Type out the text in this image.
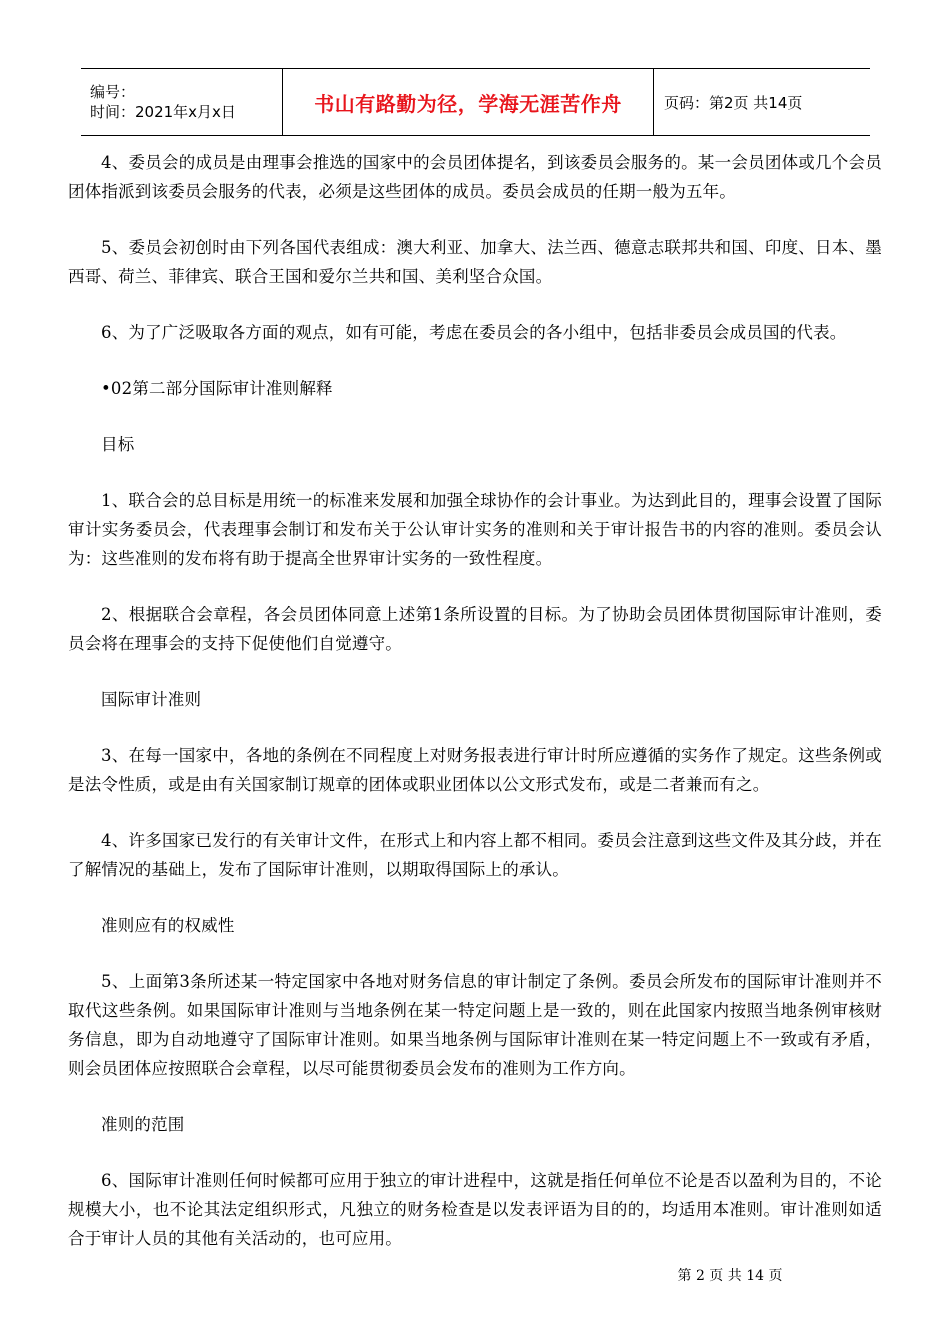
编号：
时间：2021年x月x日	书山有路勤为径，学海无涯苦作舟	页码：第2页 共14页

4、委员会的成员是由理事会推选的国家中的会员团体提名，到该委员会服务的。某一会员团体或几个会员团体指派到该委员会服务的代表，必须是这些团体的成员。委员会成员的任期一般为五年。

5、委员会初创时由下列各国代表组成：澳大利亚、加拿大、法兰西、德意志联邦共和国、印度、日本、墨西哥、荷兰、菲律宾、联合王国和爱尔兰共和国、美利坚合众国。

6、为了广泛吸取各方面的观点，如有可能，考虑在委员会的各小组中，包括非委员会成员国的代表。

•02第二部分国际审计准则解释

目标

1、联合会的总目标是用统一的标准来发展和加强全球协作的会计事业。为达到此目的，理事会设置了国际审计实务委员会，代表理事会制订和发布关于公认审计实务的准则和关于审计报告书的内容的准则。委员会认为：这些准则的发布将有助于提高全世界审计实务的一致性程度。

2、根据联合会章程，各会员团体同意上述第1条所设置的目标。为了协助会员团体贯彻国际审计准则，委员会将在理事会的支持下促使他们自觉遵守。

国际审计准则

3、在每一国家中，各地的条例在不同程度上对财务报表进行审计时所应遵循的实务作了规定。这些条例或是法令性质，或是由有关国家制订规章的团体或职业团体以公文形式发布，或是二者兼而有之。

4、许多国家已发行的有关审计文件，在形式上和内容上都不相同。委员会注意到这些文件及其分歧，并在了解情况的基础上，发布了国际审计准则，以期取得国际上的承认。

准则应有的权威性

5、上面第3条所述某一特定国家中各地对财务信息的审计制定了条例。委员会所发布的国际审计准则并不取代这些条例。如果国际审计准则与当地条例在某一特定问题上是一致的，则在此国家内按照当地条例审核财务信息，即为自动地遵守了国际审计准则。如果当地条例与国际审计准则在某一特定问题上不一致或有矛盾，则会员团体应按照联合会章程，以尽可能贯彻委员会发布的准则为工作方向。

准则的范围

6、国际审计准则任何时候都可应用于独立的审计进程中，这就是指任何单位不论是否以盈利为目的，不论规模大小，也不论其法定组织形式，凡独立的财务检查是以发表评语为目的的，均适用本准则。审计准则如适合于审计人员的其他有关活动的，也可应用。

第 2 页 共 14 页
